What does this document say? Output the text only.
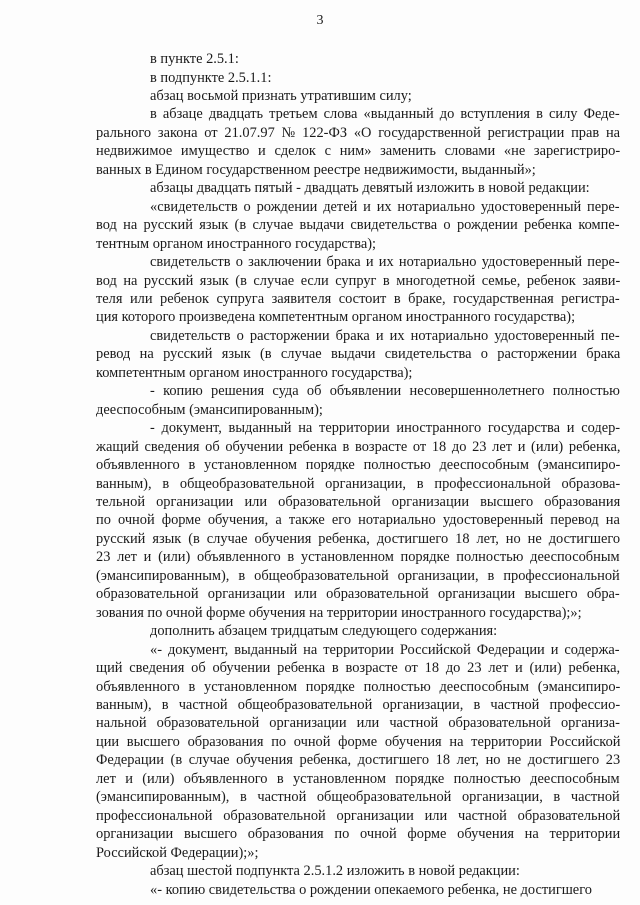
3
в пункте 2.5.1:
в подпункте 2.5.1.1:
абзац восьмой признать утратившим силу;
в абзаце двадцать третьем слова «выданный до вступления в силу Феде-
рального закона от 21.07.97 № 122-ФЗ «О государственной регистрации прав на
недвижимое имущество и сделок с ним» заменить словами «не зарегистриро-
ванных в Едином государственном реестре недвижимости, выданный»;
абзацы двадцать пятый - двадцать девятый изложить в новой редакции:
«свидетельств о рождении детей и их нотариально удостоверенный пере-
вод на русский язык (в случае выдачи свидетельства о рождении ребенка компе-
тентным органом иностранного государства);
свидетельств о заключении брака и их нотариально удостоверенный пере-
вод на русский язык (в случае если супруг в многодетной семье, ребенок заяви-
теля или ребенок супруга заявителя состоит в браке, государственная регистра-
ция которого произведена компетентным органом иностранного государства);
свидетельств о расторжении брака и их нотариально удостоверенный пе-
ревод на русский язык (в случае выдачи свидетельства о расторжении брака
компетентным органом иностранного государства);
- копию решения суда об объявлении несовершеннолетнего полностью
дееспособным (эмансипированным);
- документ, выданный на территории иностранного государства и содер-
жащий сведения об обучении ребенка в возрасте от 18 до 23 лет и (или) ребенка,
объявленного в установленном порядке полностью дееспособным (эмансипиро-
ванным), в общеобразовательной организации, в профессиональной образова-
тельной организации или образовательной организации высшего образования
по очной форме обучения, а также его нотариально удостоверенный перевод на
русский язык (в случае обучения ребенка, достигшего 18 лет, но не достигшего
23 лет и (или) объявленного в установленном порядке полностью дееспособным
(эмансипированным), в общеобразовательной организации, в профессиональной
образовательной организации или образовательной организации высшего обра-
зования по очной форме обучения на территории иностранного государства);»;
дополнить абзацем тридцатым следующего содержания:
«- документ, выданный на территории Российской Федерации и содержа-
щий сведения об обучении ребенка в возрасте от 18 до 23 лет и (или) ребенка,
объявленного в установленном порядке полностью дееспособным (эмансипиро-
ванным), в частной общеобразовательной организации, в частной профессио-
нальной образовательной организации или частной образовательной организа-
ции высшего образования по очной форме обучения на территории Российской
Федерации (в случае обучения ребенка, достигшего 18 лет, но не достигшего 23
лет и (или) объявленного в установленном порядке полностью дееспособным
(эмансипированным), в частной общеобразовательной организации, в частной
профессиональной образовательной организации или частной образовательной
организации высшего образования по очной форме обучения на территории
Российской Федерации);»;
абзац шестой подпункта 2.5.1.2 изложить в новой редакции:
«- копию свидетельства о рождении опекаемого ребенка, не достигшего
